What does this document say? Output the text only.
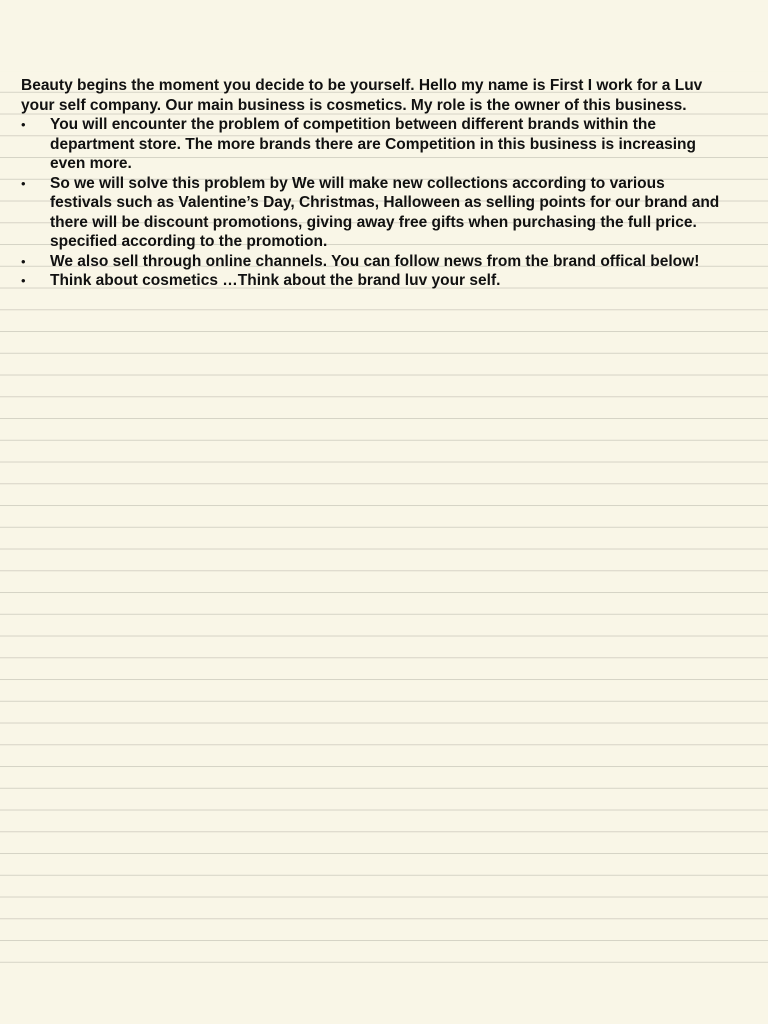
Beauty begins the moment you decide to be yourself. Hello my name is First I work for a Luv your self company. Our main business is cosmetics. My role is the owner of this business.

• You will encounter the problem of competition between different brands within the department store. The more brands there are Competition in this business is increasing even more.
• So we will solve this problem by We will make new collections according to various festivals such as Valentine’s Day, Christmas, Halloween as selling points for our brand and there will be discount promotions, giving away free gifts when purchasing the full price. specified according to the promotion.
• We also sell through online channels. You can follow news from the brand offical below!
• Think about cosmetics …Think about the brand luv your self.
